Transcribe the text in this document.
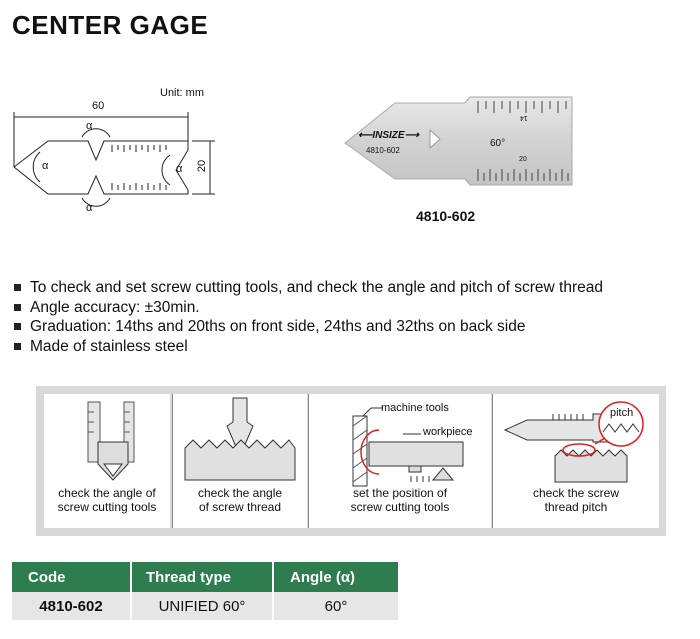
CENTER GAGE
Unit: mm
60
20
α
α
α	α
⟵INSIZE⟶
4810-602
60°
14
20
4810-602
To check and set screw cutting tools, and check the angle and pitch of screw thread
Angle accuracy: ±30min.
Graduation: 14ths and 20ths on front side, 24ths and 32ths on back side
Made of stainless steel
check the angle of
screw cutting tools
check the angle
of screw thread
machine tools
workpiece
set the position of
screw cutting tools
pitch
check the screw
thread pitch
Code	Thread type	Angle (α)
4810-602	UNIFIED 60°	60°
